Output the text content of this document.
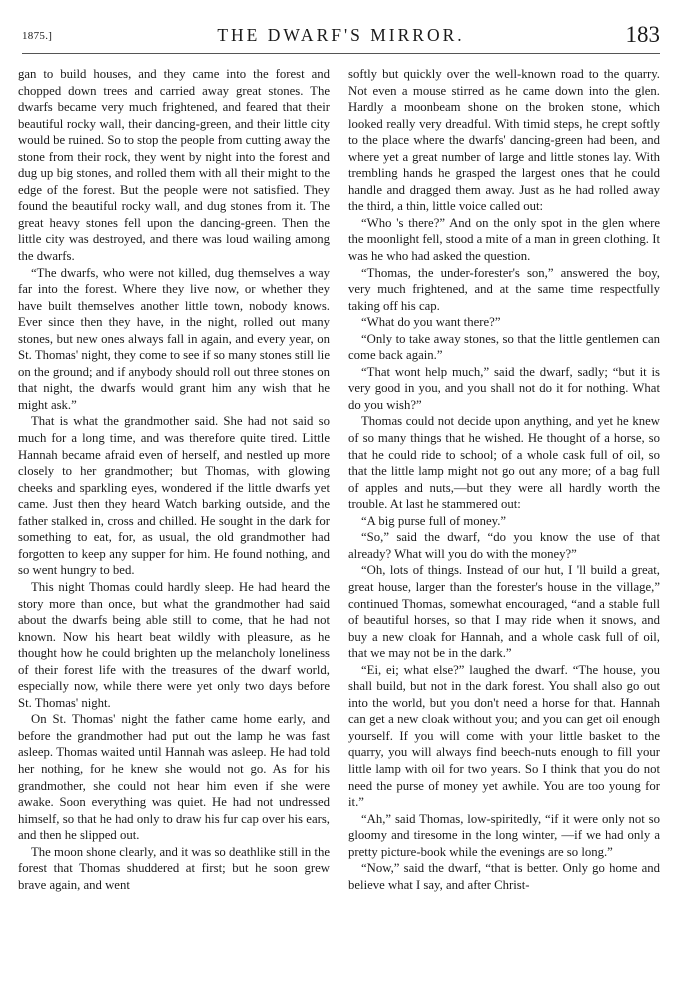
1875.]	THE DWARF'S MIRROR.	183

gan to build houses, and they came into the forest and chopped down trees and carried away great stones. The dwarfs became very much frightened, and feared that their beautiful rocky wall, their dancing-green, and their little city would be ruined. So to stop the people from cutting away the stone from their rock, they went by night into the forest and dug up big stones, and rolled them with all their might to the edge of the forest. But the people were not satisfied. They found the beautiful rocky wall, and dug stones from it. The great heavy stones fell upon the dancing-green. Then the little city was destroyed, and there was loud wailing among the dwarfs.

“The dwarfs, who were not killed, dug themselves a way far into the forest. Where they live now, or whether they have built themselves another little town, nobody knows. Ever since then they have, in the night, rolled out many stones, but new ones always fall in again, and every year, on St. Thomas' night, they come to see if so many stones still lie on the ground; and if anybody should roll out three stones on that night, the dwarfs would grant him any wish that he might ask.”

That is what the grandmother said. She had not said so much for a long time, and was therefore quite tired. Little Hannah became afraid even of herself, and nestled up more closely to her grandmother; but Thomas, with glowing cheeks and sparkling eyes, wondered if the little dwarfs yet came. Just then they heard Watch barking outside, and the father stalked in, cross and chilled. He sought in the dark for something to eat, for, as usual, the old grandmother had forgotten to keep any supper for him. He found nothing, and so went hungry to bed.

This night Thomas could hardly sleep. He had heard the story more than once, but what the grandmother had said about the dwarfs being able still to come, that he had not known. Now his heart beat wildly with pleasure, as he thought how he could brighten up the melancholy loneliness of their forest life with the treasures of the dwarf world, especially now, while there were yet only two days before St. Thomas' night.

On St. Thomas' night the father came home early, and before the grandmother had put out the lamp he was fast asleep. Thomas waited until Hannah was asleep. He had told her nothing, for he knew she would not go. As for his grandmother, she could not hear him even if she were awake. Soon everything was quiet. He had not undressed himself, so that he had only to draw his fur cap over his ears, and then he slipped out.

The moon shone clearly, and it was so deathlike still in the forest that Thomas shuddered at first; but he soon grew brave again, and went

softly but quickly over the well-known road to the quarry. Not even a mouse stirred as he came down into the glen. Hardly a moonbeam shone on the broken stone, which looked really very dreadful. With timid steps, he crept softly to the place where the dwarfs' dancing-green had been, and where yet a great number of large and little stones lay. With trembling hands he grasped the largest ones that he could handle and dragged them away. Just as he had rolled away the third, a thin, little voice called out:

“Who 's there?” And on the only spot in the glen where the moonlight fell, stood a mite of a man in green clothing. It was he who had asked the question.

“Thomas, the under-forester's son,” answered the boy, very much frightened, and at the same time respectfully taking off his cap.

“What do you want there?”

“Only to take away stones, so that the little gentlemen can come back again.”

“That wont help much,” said the dwarf, sadly; “but it is very good in you, and you shall not do it for nothing. What do you wish?”

Thomas could not decide upon anything, and yet he knew of so many things that he wished. He thought of a horse, so that he could ride to school; of a whole cask full of oil, so that the little lamp might not go out any more; of a bag full of apples and nuts,—but they were all hardly worth the trouble. At last he stammered out:

“A big purse full of money.”

“So,” said the dwarf, “do you know the use of that already? What will you do with the money?”

“Oh, lots of things. Instead of our hut, I 'll build a great, great house, larger than the forester's house in the village,” continued Thomas, somewhat encouraged, “and a stable full of beautiful horses, so that I may ride when it snows, and buy a new cloak for Hannah, and a whole cask full of oil, that we may not be in the dark.”

“Ei, ei; what else?” laughed the dwarf. “The house, you shall build, but not in the dark forest. You shall also go out into the world, but you don't need a horse for that. Hannah can get a new cloak without you; and you can get oil enough yourself. If you will come with your little basket to the quarry, you will always find beech-nuts enough to fill your little lamp with oil for two years. So I think that you do not need the purse of money yet awhile. You are too young for it.”

“Ah,” said Thomas, low-spiritedly, “if it were only not so gloomy and tiresome in the long winter, —if we had only a pretty picture-book while the evenings are so long.”

“Now,” said the dwarf, “that is better. Only go home and believe what I say, and after Christ-
